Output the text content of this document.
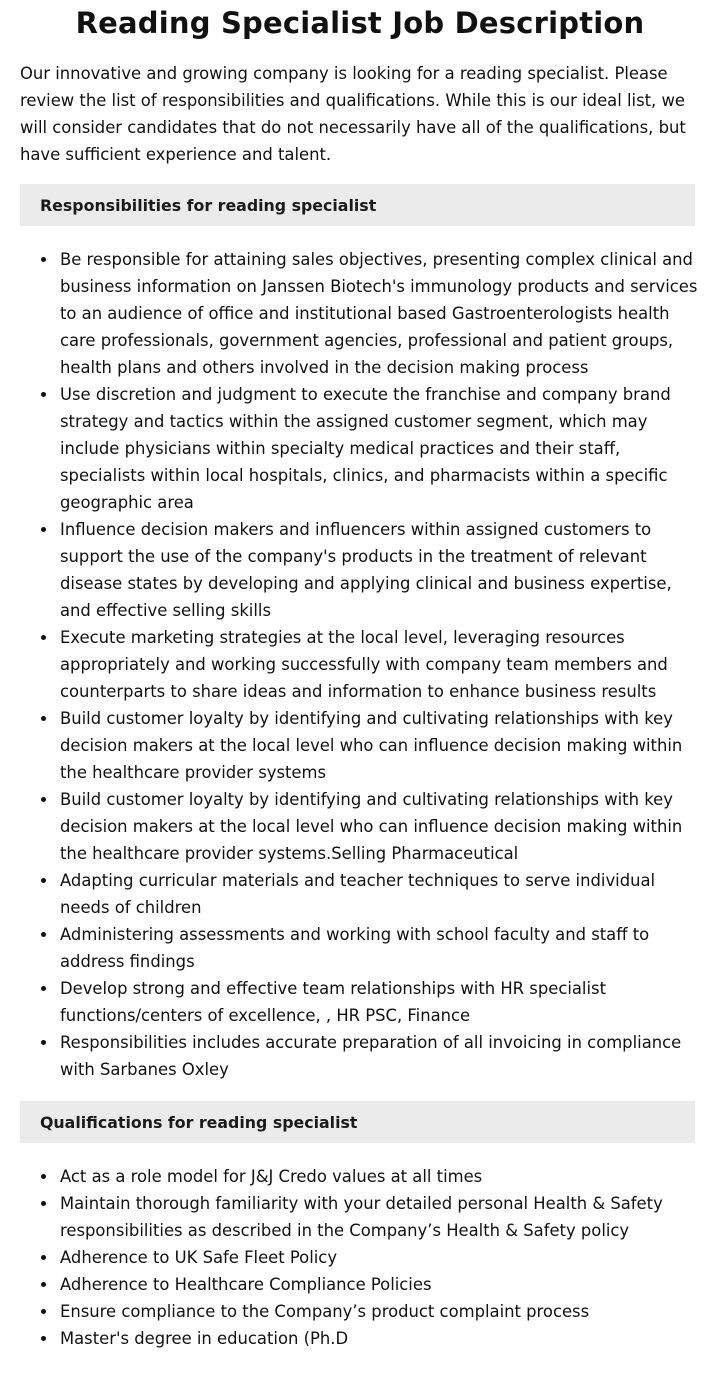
Reading Specialist Job Description

Our innovative and growing company is looking for a reading specialist. Please review the list of responsibilities and qualifications. While this is our ideal list, we will consider candidates that do not necessarily have all of the qualifications, but have sufficient experience and talent.

Responsibilities for reading specialist
Be responsible for attaining sales objectives, presenting complex clinical and business information on Janssen Biotech's immunology products and services to an audience of office and institutional based Gastroenterologists health care professionals, government agencies, professional and patient groups, health plans and others involved in the decision making process
Use discretion and judgment to execute the franchise and company brand strategy and tactics within the assigned customer segment, which may include physicians within specialty medical practices and their staff, specialists within local hospitals, clinics, and pharmacists within a specific geographic area
Influence decision makers and influencers within assigned customers to support the use of the company's products in the treatment of relevant disease states by developing and applying clinical and business expertise, and effective selling skills
Execute marketing strategies at the local level, leveraging resources appropriately and working successfully with company team members and counterparts to share ideas and information to enhance business results
Build customer loyalty by identifying and cultivating relationships with key decision makers at the local level who can influence decision making within the healthcare provider systems
Build customer loyalty by identifying and cultivating relationships with key decision makers at the local level who can influence decision making within the healthcare provider systems.Selling Pharmaceutical
Adapting curricular materials and teacher techniques to serve individual needs of children
Administering assessments and working with school faculty and staff to address findings
Develop strong and effective team relationships with HR specialist functions/centers of excellence, , HR PSC, Finance
Responsibilities includes accurate preparation of all invoicing in compliance with Sarbanes Oxley
Qualifications for reading specialist
Act as a role model for J&J Credo values at all times
Maintain thorough familiarity with your detailed personal Health & Safety responsibilities as described in the Company’s Health & Safety policy
Adherence to UK Safe Fleet Policy
Adherence to Healthcare Compliance Policies
Ensure compliance to the Company’s product complaint process
Master's degree in education (Ph.D
